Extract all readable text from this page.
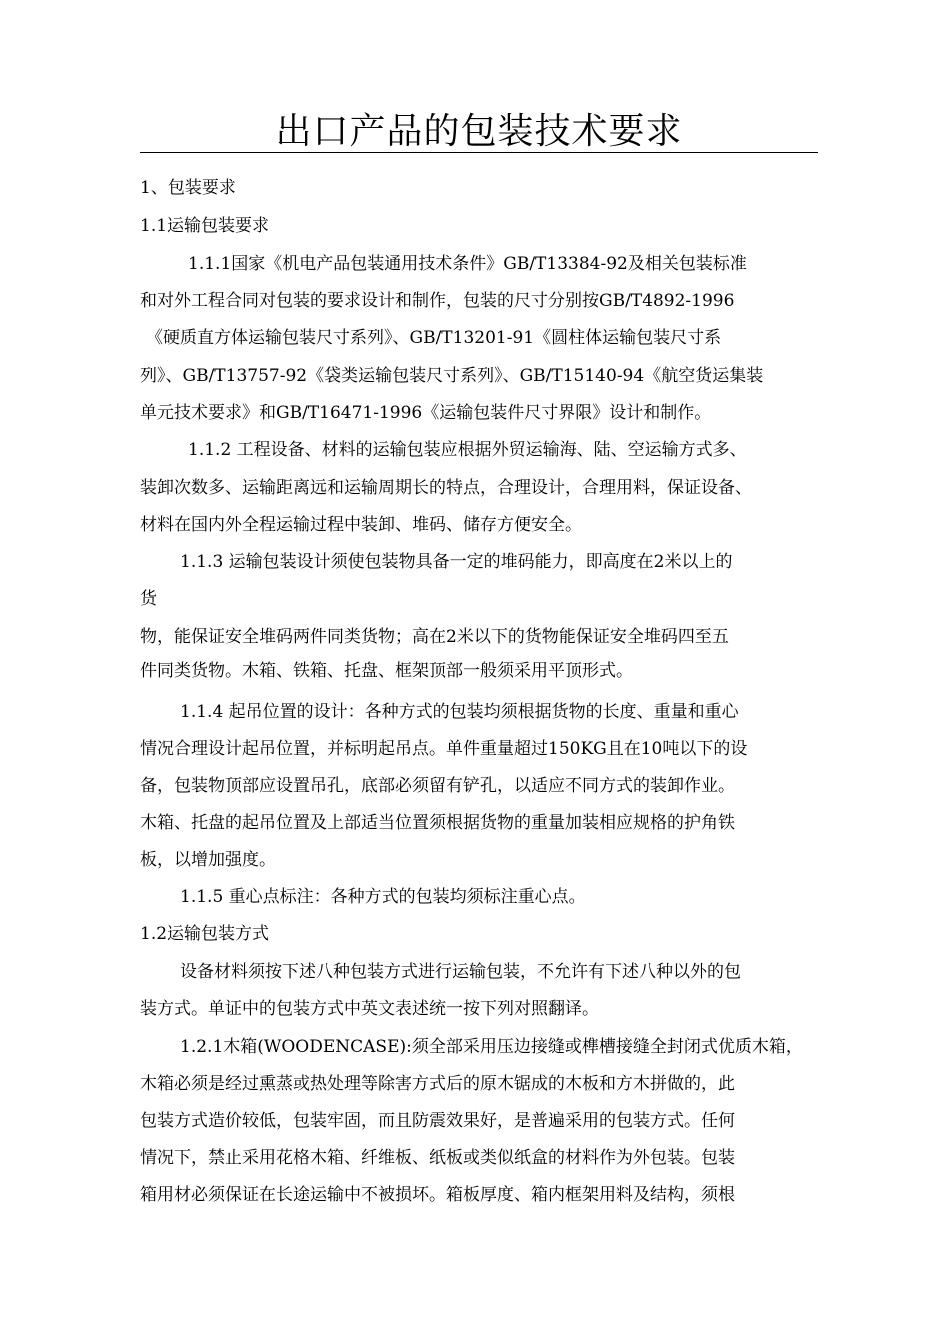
出口产品的包装技术要求
1、包装要求
1.1运输包装要求
1.1.1国家《机电产品包装通用技术条件》GB/T13384-92及相关包装标准
和对外工程合同对包装的要求设计和制作，包装的尺寸分别按GB/T4892-1996
《硬质直方体运输包装尺寸系列》、GB/T13201-91《圆柱体运输包装尺寸系
列》、GB/T13757-92《袋类运输包装尺寸系列》、GB/T15140-94《航空货运集装
单元技术要求》和GB/T16471-1996《运输包装件尺寸界限》设计和制作。
1.1.2 工程设备、材料的运输包装应根据外贸运输海、陆、空运输方式多、
装卸次数多、运输距离远和运输周期长的特点，合理设计，合理用料，保证设备、
材料在国内外全程运输过程中装卸、堆码、储存方便安全。
1.1.3 运输包装设计须使包装物具备一定的堆码能力，即高度在2米以上的
货
物，能保证安全堆码两件同类货物；高在2米以下的货物能保证安全堆码四至五
件同类货物。木箱、铁箱、托盘、框架顶部一般须采用平顶形式。
1.1.4 起吊位置的设计：各种方式的包装均须根据货物的长度、重量和重心
情况合理设计起吊位置，并标明起吊点。单件重量超过150KG且在10吨以下的设
备，包装物顶部应设置吊孔，底部必须留有铲孔，以适应不同方式的装卸作业。
木箱、托盘的起吊位置及上部适当位置须根据货物的重量加装相应规格的护角铁
板，以增加强度。
1.1.5 重心点标注：各种方式的包装均须标注重心点。
1.2运输包装方式
设备材料须按下述八种包装方式进行运输包装，不允许有下述八种以外的包
装方式。单证中的包装方式中英文表述统一按下列对照翻译。
1.2.1木箱(WOODENCASE):须全部采用压边接缝或榫槽接缝全封闭式优质木箱，
木箱必须是经过熏蒸或热处理等除害方式后的原木锯成的木板和方木拼做的，此
包装方式造价较低，包装牢固，而且防震效果好，是普遍采用的包装方式。任何
情况下，禁止采用花格木箱、纤维板、纸板或类似纸盒的材料作为外包装。包装
箱用材必须保证在长途运输中不被损坏。箱板厚度、箱内框架用料及结构，须根
